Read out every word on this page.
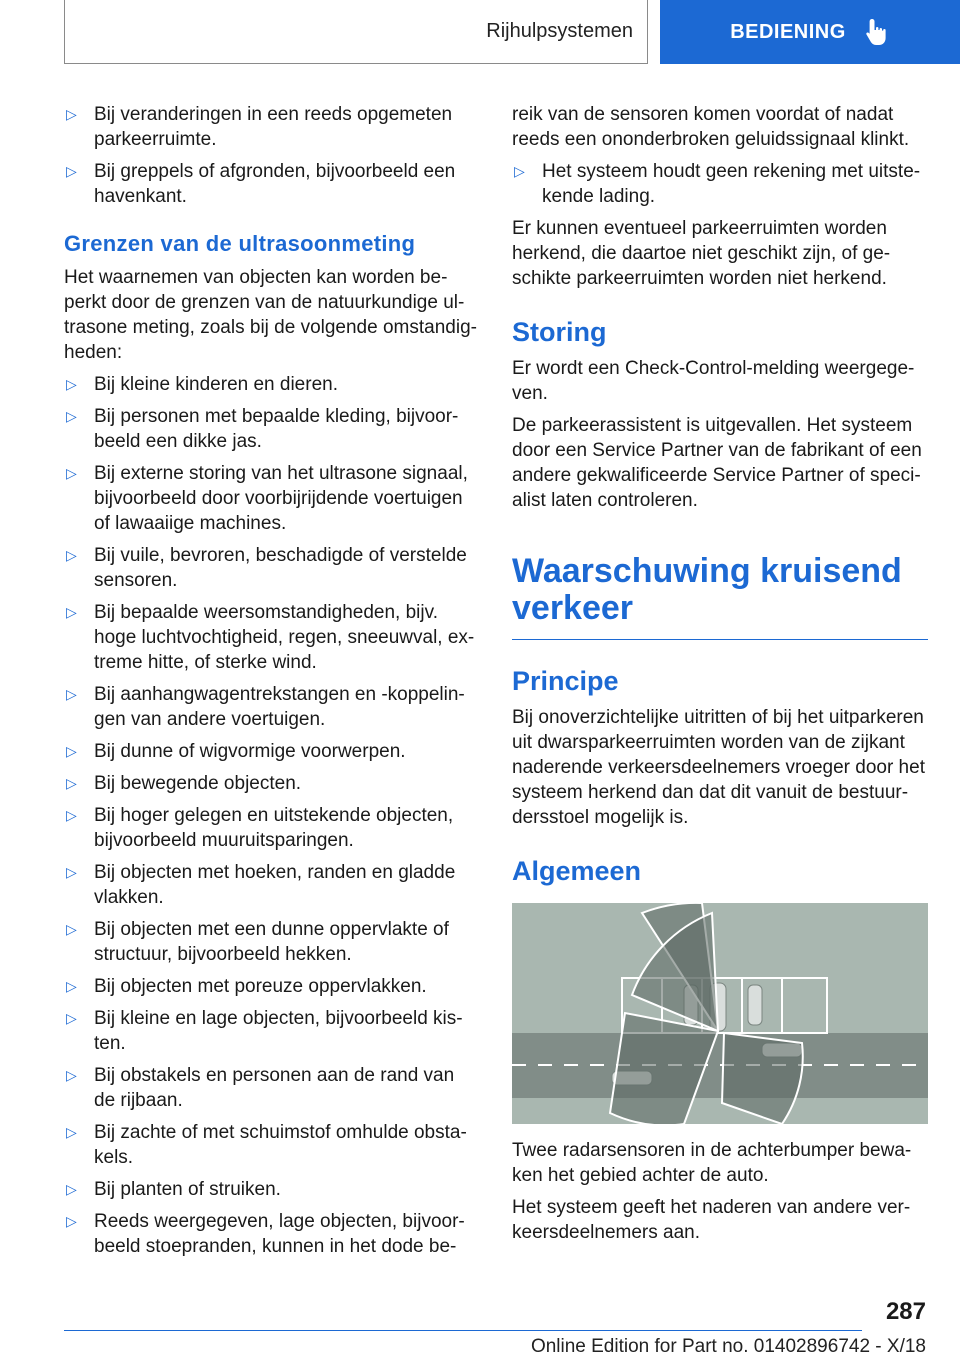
Rijhulpsystemen	BEDIENING
▷ Bij veranderingen in een reeds opgemeten parkeerruimte.
▷ Bij greppels of afgronden, bijvoorbeeld een havenkant.
Grenzen van de ultrasoonmeting

Het waarnemen van objecten kan worden be-perkt door de grenzen van de natuurkundige ul-trasone meting, zoals bij de volgende omstandig-heden:

▷ Bij kleine kinderen en dieren.
▷ Bij personen met bepaalde kleding, bijvoor-beeld een dikke jas.
▷ Bij externe storing van het ultrasone signaal, bijvoorbeeld door voorbijrijdende voertuigen of lawaaiige machines.
▷ Bij vuile, bevroren, beschadigde of verstelde sensoren.
▷ Bij bepaalde weersomstandigheden, bijv. hoge luchtvochtigheid, regen, sneeuwval, ex-treme hitte, of sterke wind.
▷ Bij aanhangwagentrekstangen en -koppelin-gen van andere voertuigen.
▷ Bij dunne of wigvormige voorwerpen.
▷ Bij bewegende objecten.
▷ Bij hoger gelegen en uitstekende objecten, bijvoorbeeld muuruitsparingen.
▷ Bij objecten met hoeken, randen en gladde vlakken.
▷ Bij objecten met een dunne oppervlakte of structuur, bijvoorbeeld hekken.
▷ Bij objecten met poreuze oppervlakken.
▷ Bij kleine en lage objecten, bijvoorbeeld kis-ten.
▷ Bij obstakels en personen aan de rand van de rijbaan.
▷ Bij zachte of met schuimstof omhulde obsta-kels.
▷ Bij planten of struiken.
▷ Reeds weergegeven, lage objecten, bijvoor-beeld stoepranden, kunnen in het dode be-

reik van de sensoren komen voordat of nadat reeds een ononderbroken geluidssignaal klinkt.

▷ Het systeem houdt geen rekening met uitste-kende lading.

Er kunnen eventueel parkeerruimten worden herkend, die daartoe niet geschikt zijn, of ge-schikte parkeerruimten worden niet herkend.

Storing

Er wordt een Check-Control-melding weergege-ven.

De parkeerassistent is uitgevallen. Het systeem door een Service Partner van de fabrikant of een andere gekwalificeerde Service Partner of speci-alist laten controleren.

Waarschuwing kruisend verkeer
Principe

Bij onoverzichtelijke uitritten of bij het uitparkeren uit dwarsparkeerruimten worden van de zijkant naderende verkeersdeelnemers vroeger door het systeem herkend dan dat dit vanuit de bestuur-dersstoel mogelijk is.

Algemeen

Twee radarsensoren in de achterbumper bewa-ken het gebied achter de auto.

Het systeem geeft het naderen van andere ver-keersdeelnemers aan.

287
Online Edition for Part no. 01402896742 - X/18
